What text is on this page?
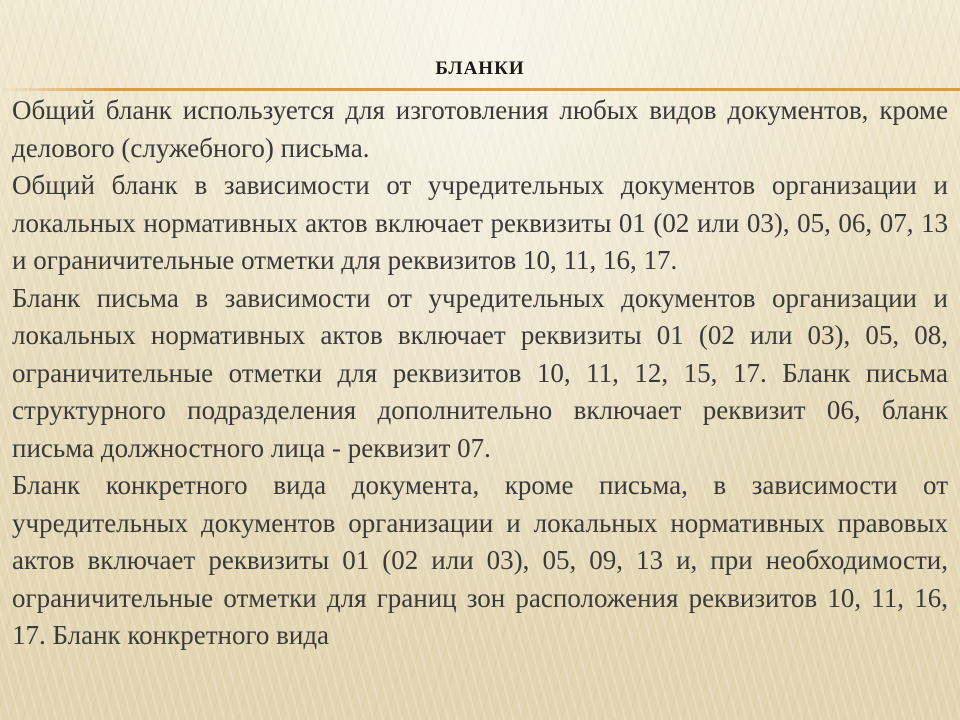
БЛАНКИ

Общий бланк используется для изготовления любых видов документов, кроме делового (служебного) письма.

Общий бланк в зависимости от учредительных документов организации и локальных нормативных актов включает реквизиты 01 (02 или 03), 05, 06, 07, 13 и ограничительные отметки для реквизитов 10, 11, 16, 17.

Бланк письма в зависимости от учредительных документов организации и локальных нормативных актов включает реквизиты 01 (02 или 03), 05, 08, ограничительные отметки для реквизитов 10, 11, 12, 15, 17. Бланк письма структурного подразделения дополнительно включает реквизит 06, бланк письма должностного лица - реквизит 07.

Бланк конкретного вида документа, кроме письма, в зависимости от учредительных документов организации и локальных нормативных правовых актов включает реквизиты 01 (02 или 03), 05, 09, 13 и, при необходимости, ограничительные отметки для границ зон расположения реквизитов 10, 11, 16, 17. Бланк конкретного вида
